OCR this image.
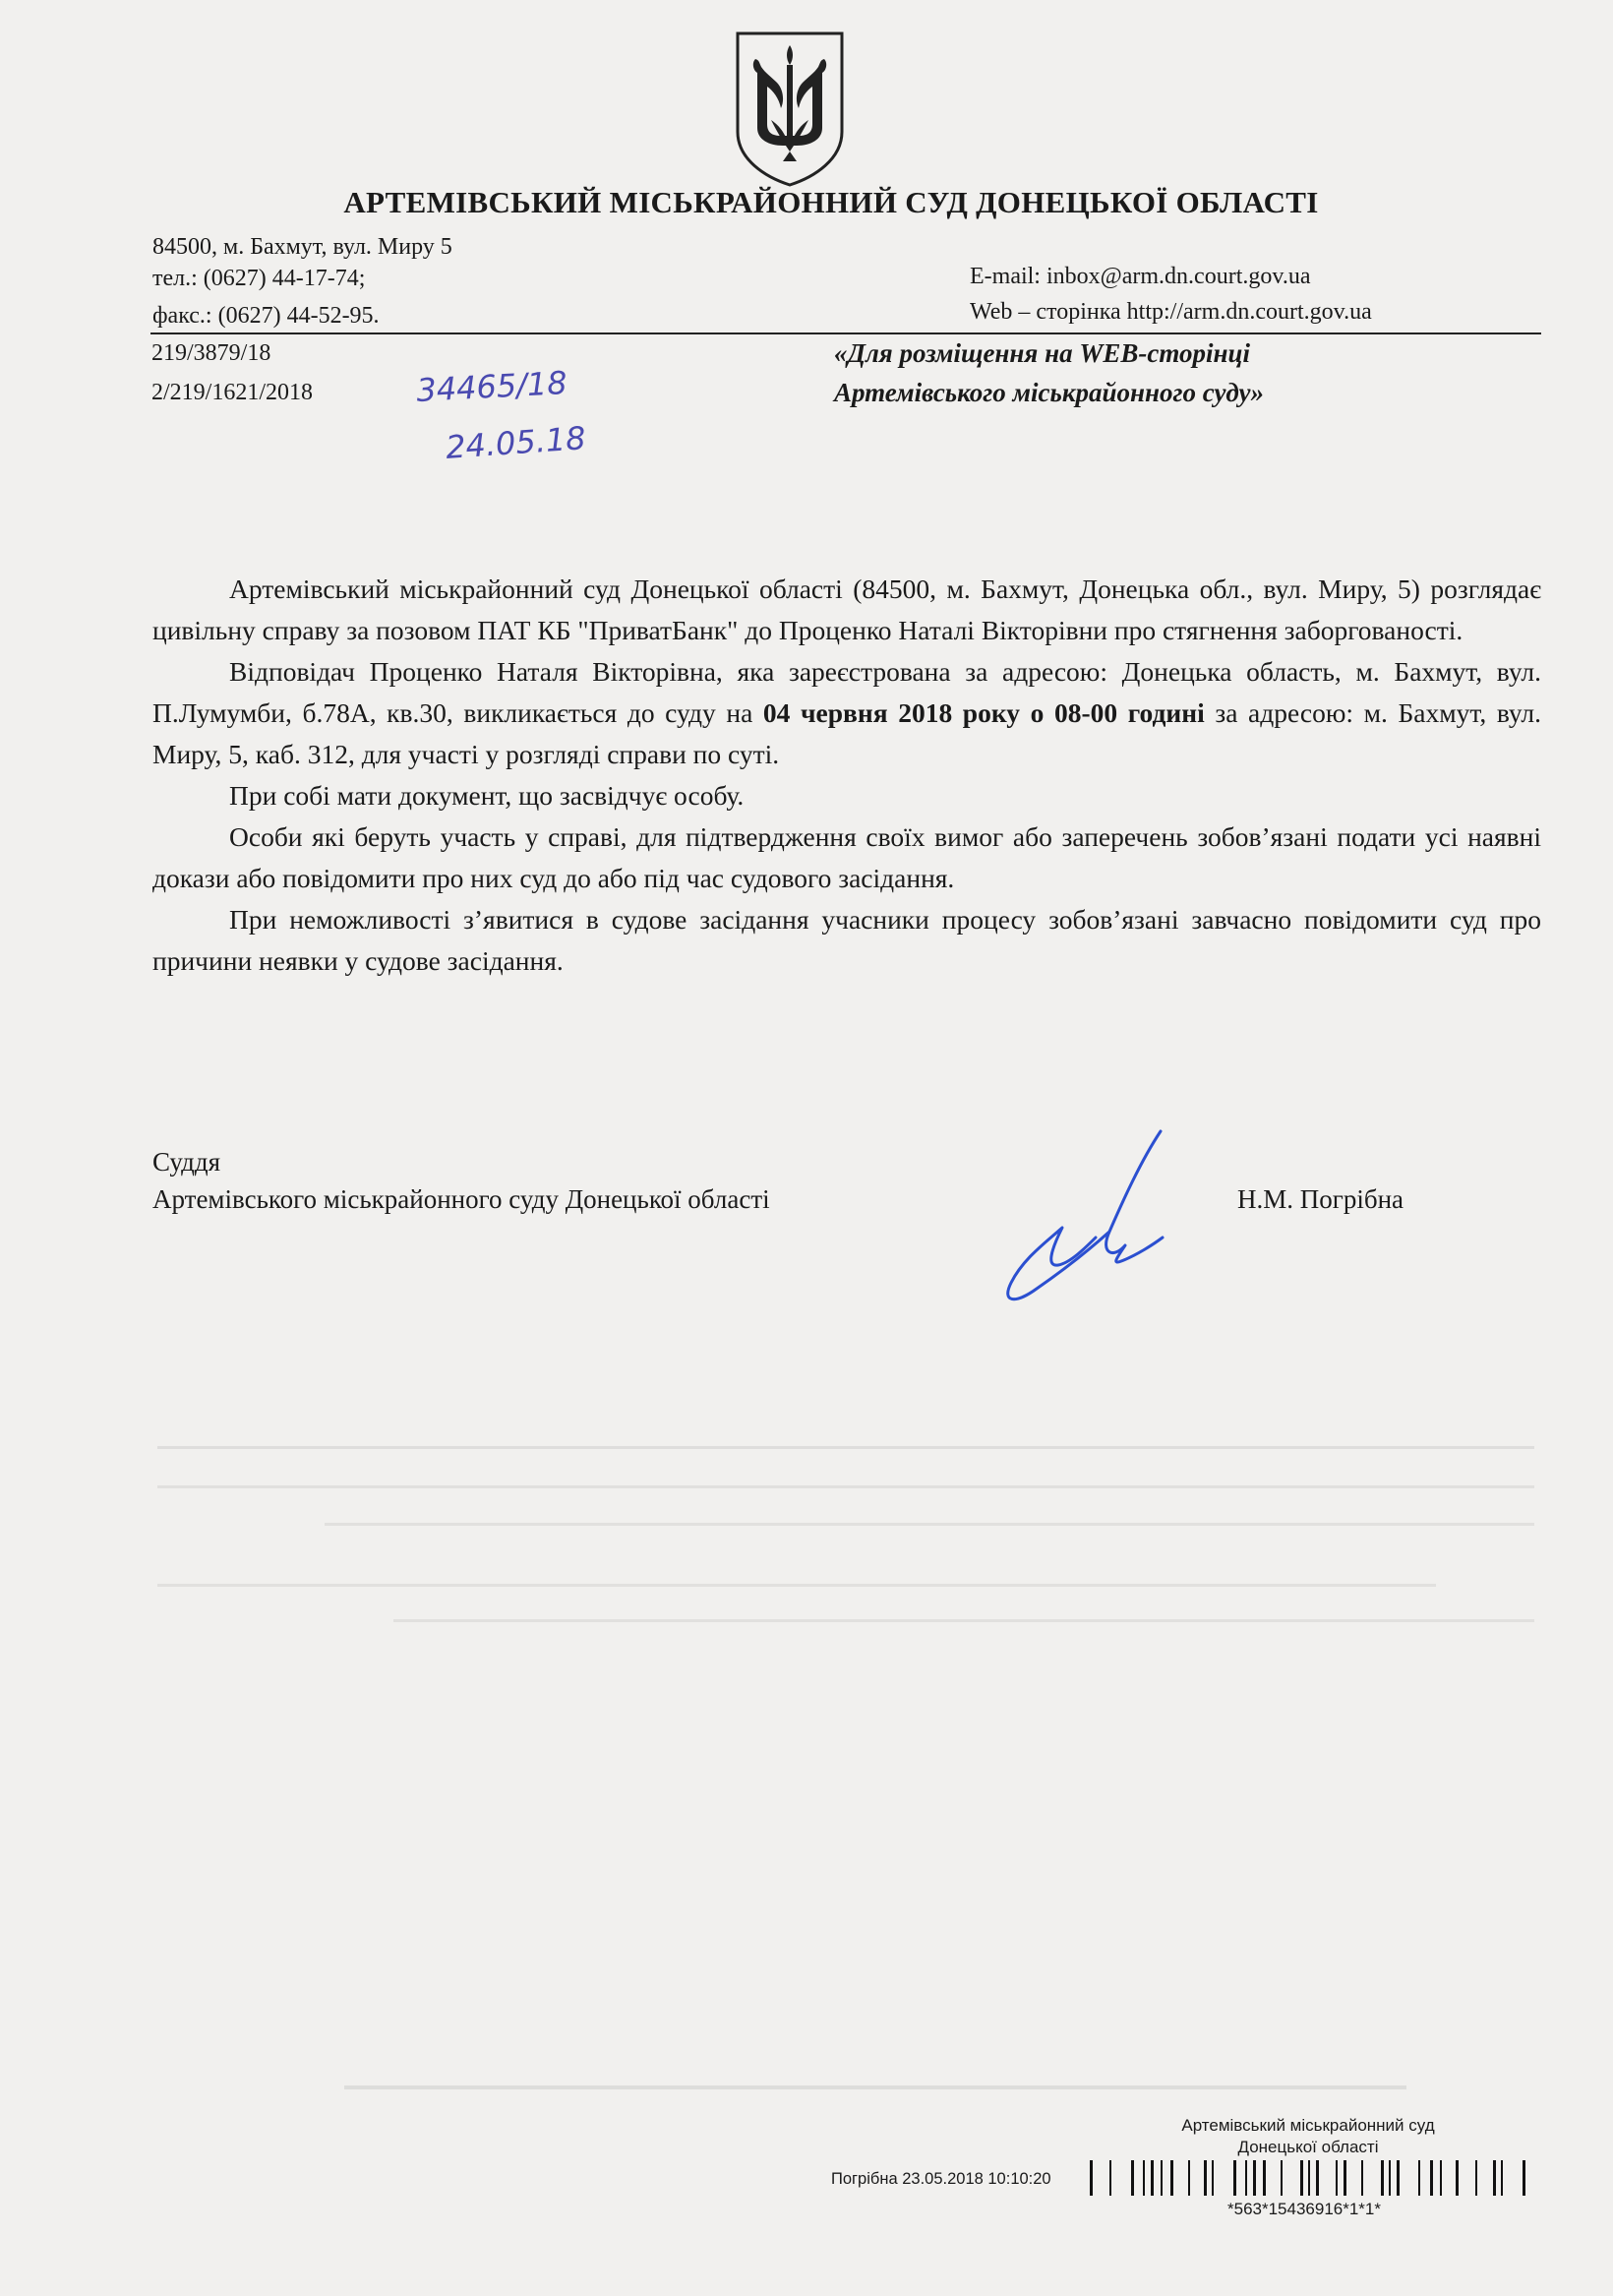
АРТЕМІВСЬКИЙ МІСЬКРАЙОННИЙ СУД ДОНЕЦЬКОЇ ОБЛАСТІ
84500, м. Бахмут, вул. Миру 5
тел.: (0627) 44-17-74;
факс.: (0627) 44-52-95.
E-mail: inbox@arm.dn.court.gov.ua
Web – сторінка http://arm.dn.court.gov.ua
219/3879/18
2/219/1621/2018	34465/18
24.05.18
«Для розміщення на WEB-сторінці
Артемівського міськрайонного суду»

Артемівський міськрайонний суд Донецької області (84500, м. Бахмут, Донецька обл., вул. Миру, 5) розглядає цивільну справу за позовом ПАТ КБ "ПриватБанк" до Проценко Наталі Вікторівни про стягнення заборгованості.

Відповідач Проценко Наталя Вікторівна, яка зареєстрована за адресою: Донецька область, м. Бахмут, вул. П.Лумумби, б.78А, кв.30, викликається до суду на 04 червня 2018 року о 08-00 годині за адресою: м. Бахмут, вул. Миру, 5, каб. 312, для участі у розгляді справи по суті.

При собі мати документ, що засвідчує особу.

Особи які беруть участь у справі, для підтвердження своїх вимог або заперечень зобов’язані подати усі наявні докази або повідомити про них суд до або під час судового засідання.

При неможливості з’явитися в судове засідання учасники процесу зобов’язані завчасно повідомити суд про причини неявки у судове засідання.

Суддя
Артемівського міськрайонного суду Донецької області	Н.М. Погрібна
Артемівський міськрайонний суд
Донецької області
Погрібна 23.05.2018 10:10:20
*563*15436916*1*1*
